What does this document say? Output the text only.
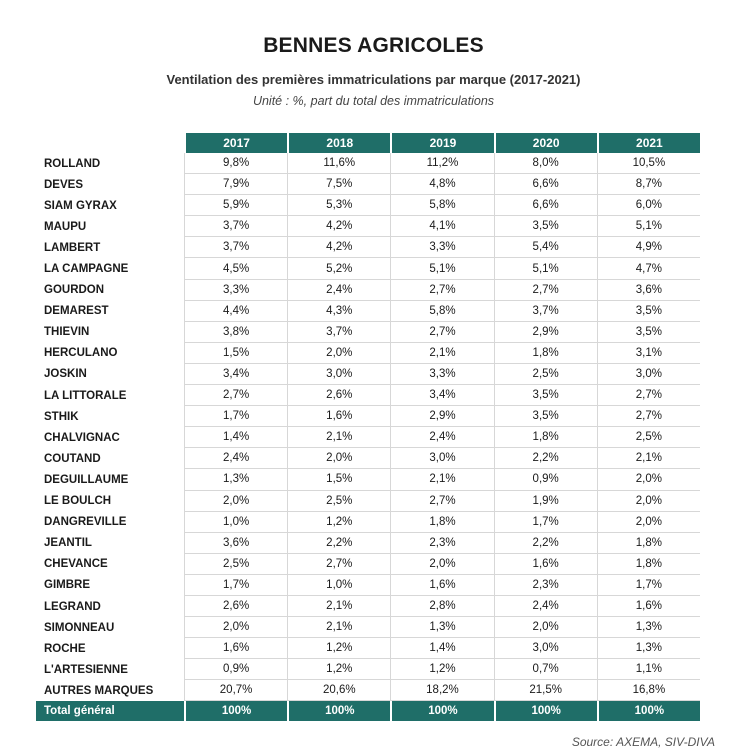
BENNES AGRICOLES
Ventilation des premières immatriculations par marque (2017-2021)
Unité : %, part du total des immatriculations
	2017	2018	2019	2020	2021
ROLLAND	9,8%	11,6%	11,2%	8,0%	10,5%
DEVES	7,9%	7,5%	4,8%	6,6%	8,7%
SIAM GYRAX	5,9%	5,3%	5,8%	6,6%	6,0%
MAUPU	3,7%	4,2%	4,1%	3,5%	5,1%
LAMBERT	3,7%	4,2%	3,3%	5,4%	4,9%
LA CAMPAGNE	4,5%	5,2%	5,1%	5,1%	4,7%
GOURDON	3,3%	2,4%	2,7%	2,7%	3,6%
DEMAREST	4,4%	4,3%	5,8%	3,7%	3,5%
THIEVIN	3,8%	3,7%	2,7%	2,9%	3,5%
HERCULANO	1,5%	2,0%	2,1%	1,8%	3,1%
JOSKIN	3,4%	3,0%	3,3%	2,5%	3,0%
LA LITTORALE	2,7%	2,6%	3,4%	3,5%	2,7%
STHIK	1,7%	1,6%	2,9%	3,5%	2,7%
CHALVIGNAC	1,4%	2,1%	2,4%	1,8%	2,5%
COUTAND	2,4%	2,0%	3,0%	2,2%	2,1%
DEGUILLAUME	1,3%	1,5%	2,1%	0,9%	2,0%
LE BOULCH	2,0%	2,5%	2,7%	1,9%	2,0%
DANGREVILLE	1,0%	1,2%	1,8%	1,7%	2,0%
JEANTIL	3,6%	2,2%	2,3%	2,2%	1,8%
CHEVANCE	2,5%	2,7%	2,0%	1,6%	1,8%
GIMBRE	1,7%	1,0%	1,6%	2,3%	1,7%
LEGRAND	2,6%	2,1%	2,8%	2,4%	1,6%
SIMONNEAU	2,0%	2,1%	1,3%	2,0%	1,3%
ROCHE	1,6%	1,2%	1,4%	3,0%	1,3%
L'ARTESIENNE	0,9%	1,2%	1,2%	0,7%	1,1%
AUTRES MARQUES	20,7%	20,6%	18,2%	21,5%	16,8%
Total général	100%	100%	100%	100%	100%
Source: AXEMA, SIV-DIVA
